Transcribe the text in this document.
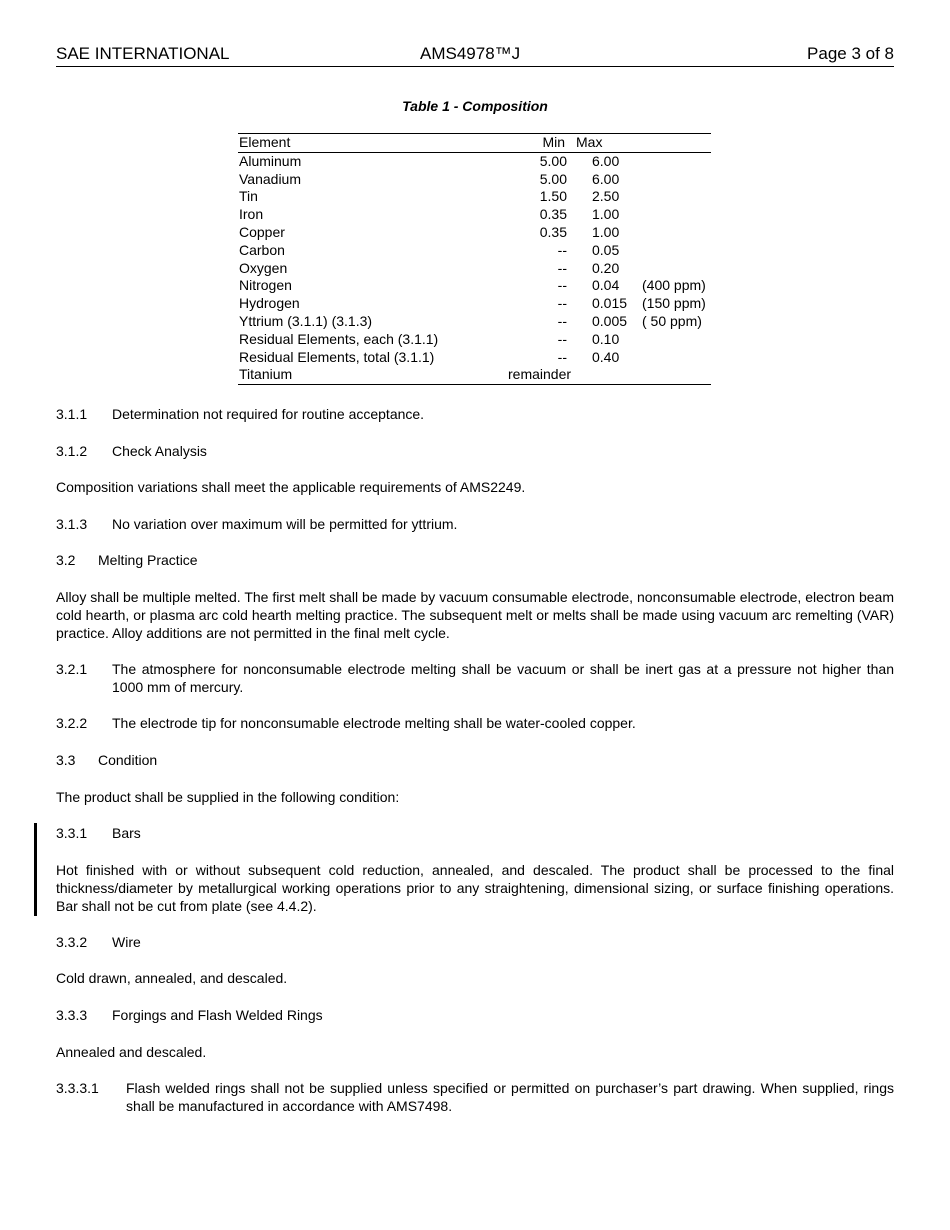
SAE INTERNATIONAL	AMS4978™J	Page 3 of 8
Table 1 - Composition
Element	Min	Max
Aluminum	5.00		6.00	
Vanadium	5.00		6.00	
Tin	1.50		2.50	
Iron	0.35		1.00	
Copper	0.35		1.00	
Carbon	--		0.05	
Oxygen	--		0.20	
Nitrogen	--		0.04	(400 ppm)
Hydrogen	--		0.015	(150 ppm)
Yttrium (3.1.1) (3.1.3)	--		0.005	( 50 ppm)
Residual Elements, each (3.1.1)	--		0.10	
Residual Elements, total (3.1.1)	--		0.40	
Titanium	remainder		
3.1.1 Determination not required for routine acceptance.
3.1.2 Check Analysis
Composition variations shall meet the applicable requirements of AMS2249.
3.1.3 No variation over maximum will be permitted for yttrium.
3.2 Melting Practice
Alloy shall be multiple melted. The first melt shall be made by vacuum consumable electrode, nonconsumable electrode, electron beam cold hearth, or plasma arc cold hearth melting practice. The subsequent melt or melts shall be made using vacuum arc remelting (VAR) practice. Alloy additions are not permitted in the final melt cycle.
3.2.1 The atmosphere for nonconsumable electrode melting shall be vacuum or shall be inert gas at a pressure not higher than 1000 mm of mercury.
3.2.2 The electrode tip for nonconsumable electrode melting shall be water-cooled copper.
3.3 Condition
The product shall be supplied in the following condition:
3.3.1 Bars
Hot finished with or without subsequent cold reduction, annealed, and descaled. The product shall be processed to the final thickness/diameter by metallurgical working operations prior to any straightening, dimensional sizing, or surface finishing operations. Bar shall not be cut from plate (see 4.4.2).
3.3.2 Wire
Cold drawn, annealed, and descaled.
3.3.3 Forgings and Flash Welded Rings
Annealed and descaled.
3.3.3.1 Flash welded rings shall not be supplied unless specified or permitted on purchaser’s part drawing. When supplied, rings shall be manufactured in accordance with AMS7498.
